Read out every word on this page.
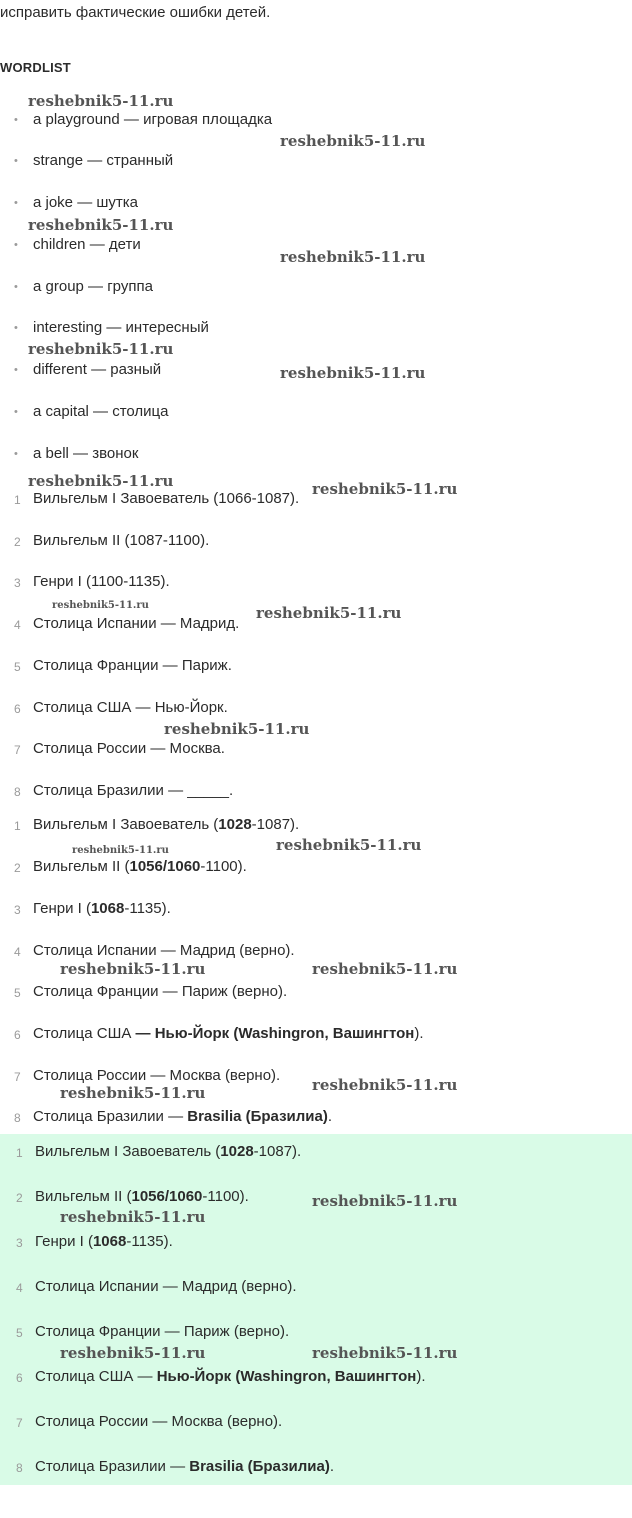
исправить фактические ошибки детей.
WORDLIST
• a playground — игровая площадка
• strange — странный
• a joke — шутка
• children — дети
• a group — группа
• interesting — интересный
• different — разный
• a capital — столица
• a bell — звонок
1 Вильгельм I Завоеватель (1066-1087).
2 Вильгельм II (1087-1100).
3 Генри I (1100-1135).
4 Столица Испании — Мадрид.
5 Столица Франции — Париж.
6 Столица США — Нью-Йорк.
7 Столица России — Москва.
8 Столица Бразилии — _____.
1 Вильгельм I Завоеватель (1028-1087).
2 Вильгельм II (1056/1060-1100).
3 Генри I (1068-1135).
4 Столица Испании — Мадрид (верно).
5 Столица Франции — Париж (верно).
6 Столица США — Нью-Йорк (Washingron, Вашингтон).
7 Столица России — Москва (верно).
8 Столица Бразилии — Brasilia (Бразилиа).
1 Вильгельм I Завоеватель (1028-1087).
2 Вильгельм II (1056/1060-1100).
3 Генри I (1068-1135).
4 Столица Испании — Мадрид (верно).
5 Столица Франции — Париж (верно).
6 Столица США — Нью-Йорк (Washingron, Вашингтон).
7 Столица России — Москва (верно).
8 Столица Бразилии — Brasilia (Бразилиа).
reshebnik5-11.ru
reshebnik5-11.ru
reshebnik5-11.ru
reshebnik5-11.ru
reshebnik5-11.ru
reshebnik5-11.ru
reshebnik5-11.ru	reshebnik5-11.ru
reshebnik5-11.ru	reshebnik5-11.ru
reshebnik5-11.ru
reshebnik5-11.ru	reshebnik5-11.ru
reshebnik5-11.ru	reshebnik5-11.ru
reshebnik5-11.ru	reshebnik5-11.ru
reshebnik5-11.ru
reshebnik5-11.ru
reshebnik5-11.ru	reshebnik5-11.ru
